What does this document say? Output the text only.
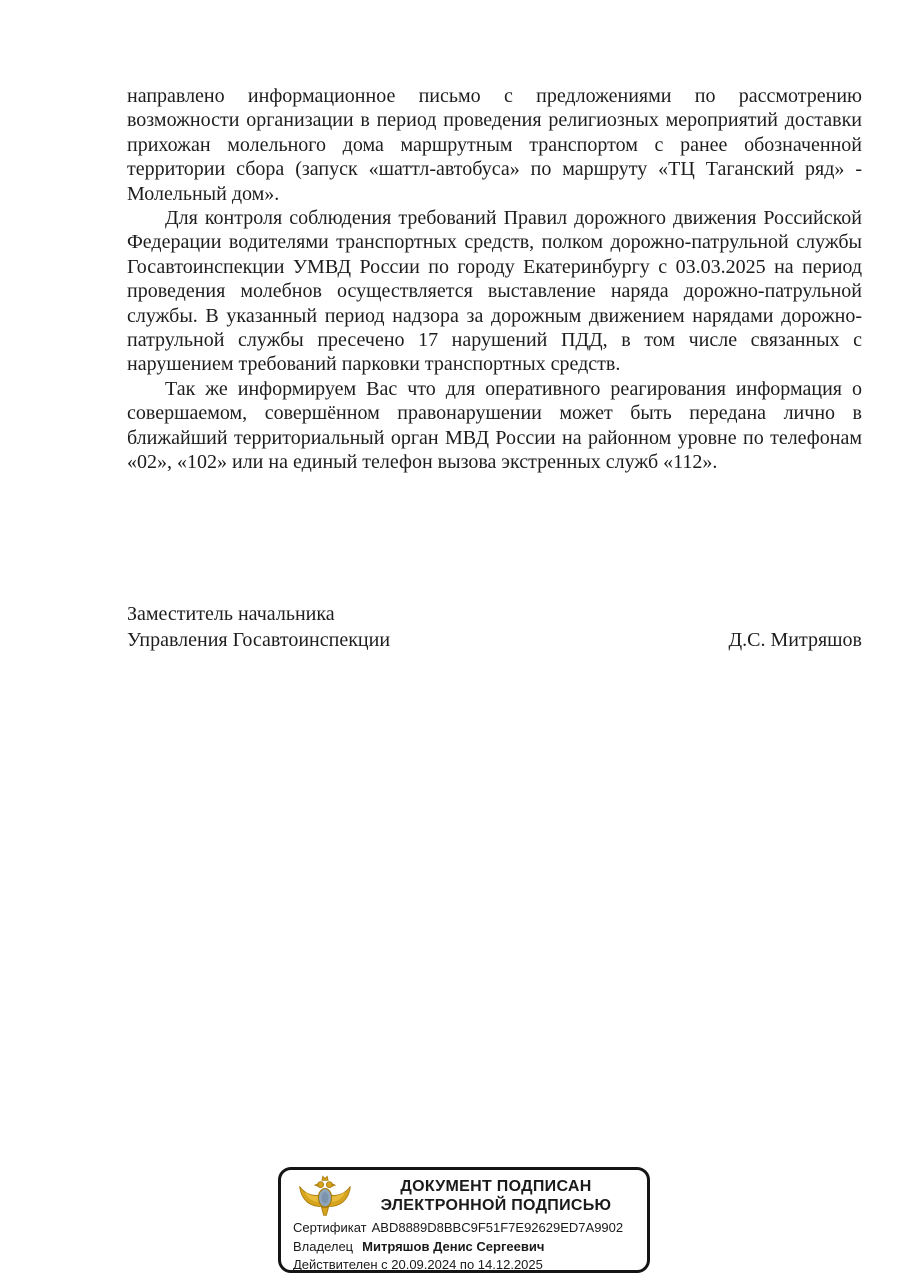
направлено информационное письмо с предложениями по рассмотрению возможности организации в период проведения религиозных мероприятий доставки прихожан молельного дома маршрутным транспортом с ранее обозначенной территории сбора (запуск «шаттл-автобуса» по маршруту «ТЦ Таганский ряд» - Молельный дом».

Для контроля соблюдения требований Правил дорожного движения Российской Федерации водителями транспортных средств, полком дорожно-патрульной службы Госавтоинспекции УМВД России по городу Екатеринбургу с 03.03.2025 на период проведения молебнов осуществляется выставление наряда дорожно-патрульной службы. В указанный период надзора за дорожным движением нарядами дорожно-патрульной службы пресечено 17 нарушений ПДД, в том числе связанных с нарушением требований парковки транспортных средств.

Так же информируем Вас что для оперативного реагирования информация о совершаемом, совершённом правонарушении может быть передана лично в ближайший территориальный орган МВД России на районном уровне по телефонам «02», «102» или на единый телефон вызова экстренных служб «112».

Заместитель начальника
Управления Госавтоинспекции	Д.С. Митряшов
ДОКУМЕНТ ПОДПИСАН
ЭЛЕКТРОННОЙ ПОДПИСЬЮ
Сертификат ABD8889D8BBC9F51F7E92629ED7A9902
Владелец Митряшов Денис Сергеевич
Действителен с 20.09.2024 по 14.12.2025
